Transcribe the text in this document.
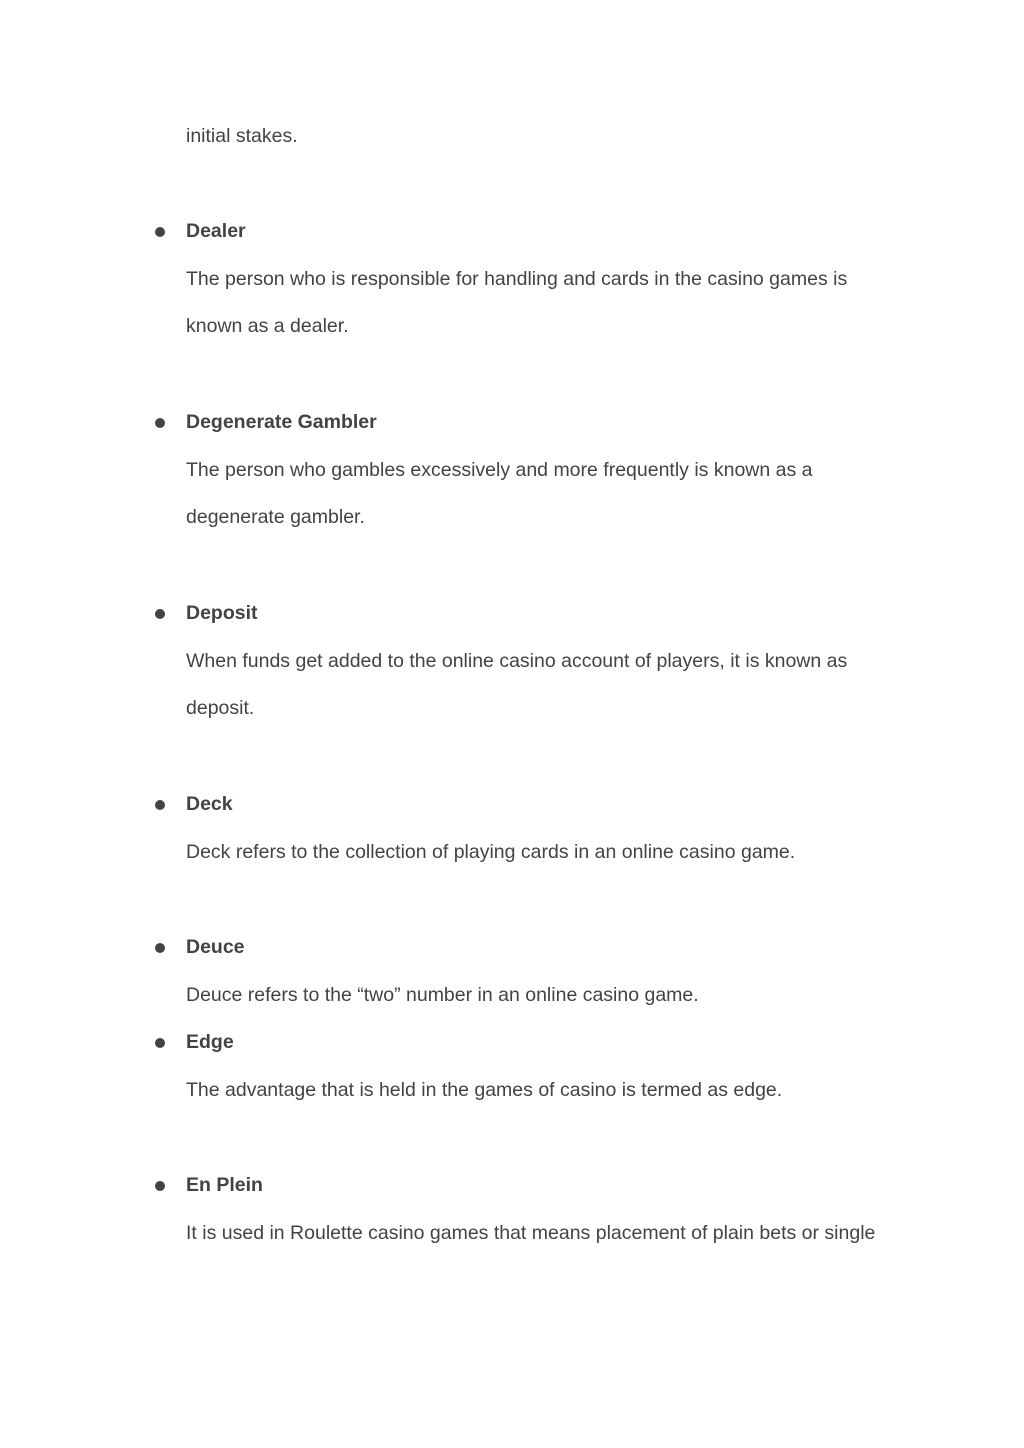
initial stakes.
Dealer
The person who is responsible for handling and cards in the casino games is
known as a dealer.
Degenerate Gambler
The person who gambles excessively and more frequently is known as a
degenerate gambler.
Deposit
When funds get added to the online casino account of players, it is known as
deposit.
Deck
Deck refers to the collection of playing cards in an online casino game.
Deuce
Deuce refers to the “two” number in an online casino game.
Edge
The advantage that is held in the games of casino is termed as edge.
En Plein
It is used in Roulette casino games that means placement of plain bets or single
